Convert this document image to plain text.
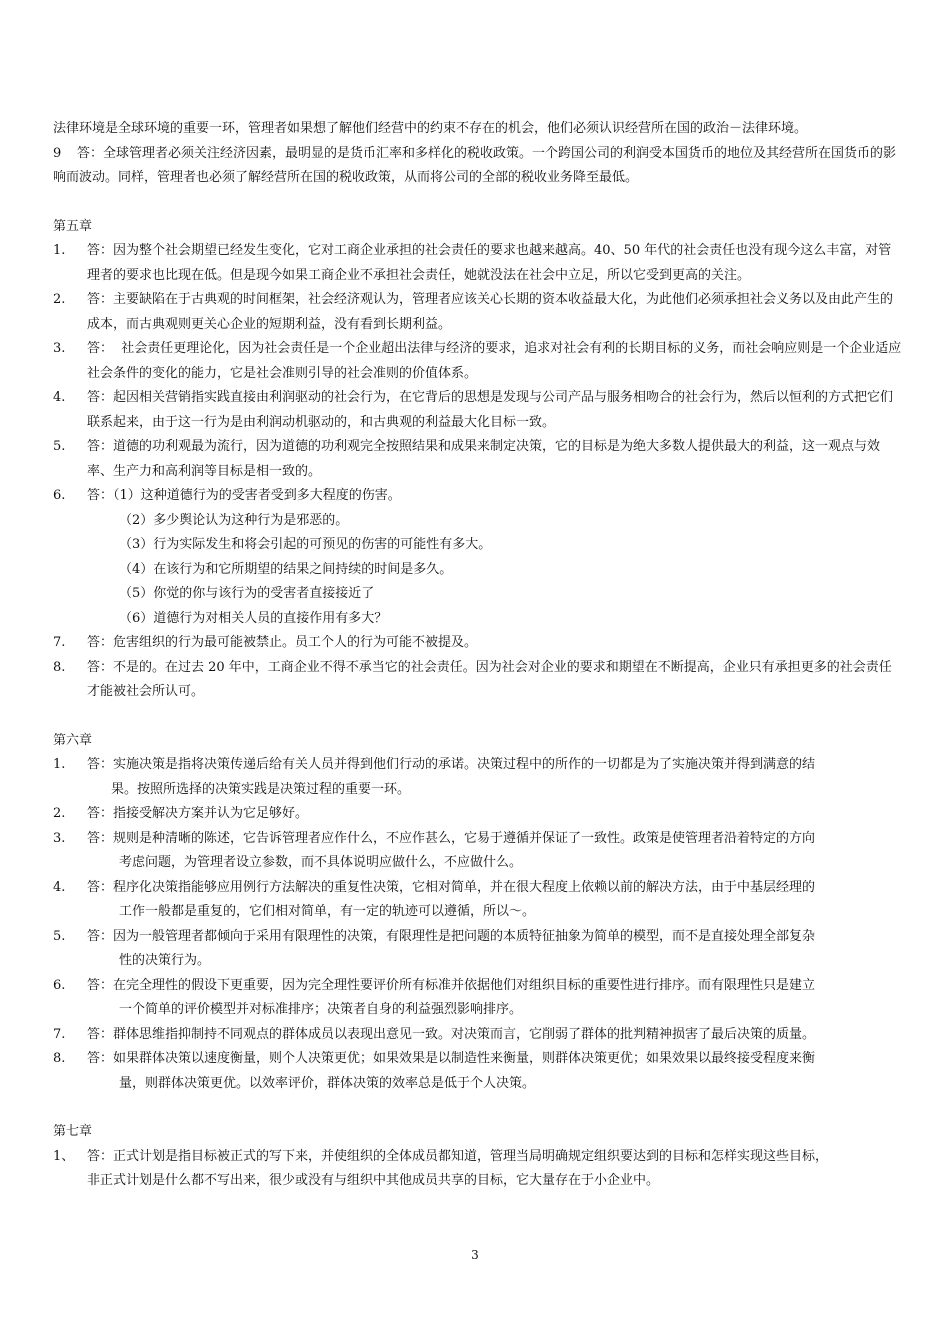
法律环境是全球环境的重要一环，管理者如果想了解他们经营中的约束不存在的机会，他们必须认识经营所在国的政治－法律环境。

9 答：全球管理者必须关注经济因素，最明显的是货币汇率和多样化的税收政策。一个跨国公司的利润受本国货币的地位及其经营所在国货币的影响而波动。同样，管理者也必须了解经营所在国的税收政策，从而将公司的全部的税收业务降至最低。

第五章

1.	答：因为整个社会期望已经发生变化，它对工商企业承担的社会责任的要求也越来越高。40、50 年代的社会责任也没有现今这么丰富，对管理者的要求也比现在低。但是现今如果工商企业不承担社会责任，她就没法在社会中立足，所以它受到更高的关注。
2.	答：主要缺陷在于古典观的时间框架，社会经济观认为，管理者应该关心长期的资本收益最大化，为此他们必须承担社会义务以及由此产生的成本，而古典观则更关心企业的短期利益，没有看到长期利益。
3.	答：  社会责任更理论化，因为社会责任是一个企业超出法律与经济的要求，追求对社会有利的长期目标的义务，而社会响应则是一个企业适应社会条件的变化的能力，它是社会准则引导的社会准则的价值体系。
4.	答：起因相关营销指实践直接由利润驱动的社会行为，在它背后的思想是发现与公司产品与服务相吻合的社会行为，然后以恒利的方式把它们联系起来，由于这一行为是由利润动机驱动的，和古典观的利益最大化目标一致。
5.	答：道德的功利观最为流行，因为道德的功利观完全按照结果和成果来制定决策，它的目标是为绝大多数人提供最大的利益，这一观点与效率、生产力和高利润等目标是相一致的。
6.	答：（1）这种道德行为的受害者受到多大程度的伤害。
（2）多少舆论认为这种行为是邪恶的。
（3）行为实际发生和将会引起的可预见的伤害的可能性有多大。
（4）在该行为和它所期望的结果之间持续的时间是多久。
（5）你觉的你与该行为的受害者直接接近了
（6）道德行为对相关人员的直接作用有多大？
7.	答：危害组织的行为最可能被禁止。员工个人的行为可能不被提及。
8.	答：不是的。在过去 20 年中，工商企业不得不承当它的社会责任。因为社会对企业的要求和期望在不断提高，企业只有承担更多的社会责任才能被社会所认可。

第六章

1.	答：实施决策是指将决策传递后给有关人员并得到他们行动的承诺。决策过程中的所作的一切都是为了实施决策并得到满意的结
果。按照所选择的决策实践是决策过程的重要一环。
2.	答：指接受解决方案并认为它足够好。
3.	答：规则是种清晰的陈述，它告诉管理者应作什么，不应作甚么，它易于遵循并保证了一致性。政策是使管理者沿着特定的方向
考虑问题，为管理者设立参数，而不具体说明应做什么，不应做什么。
4.	答：程序化决策指能够应用例行方法解决的重复性决策，它相对简单，并在很大程度上依赖以前的解决方法，由于中基层经理的
工作一般都是重复的，它们相对简单，有一定的轨迹可以遵循，所以～。
5.	答：因为一般管理者都倾向于采用有限理性的决策，有限理性是把问题的本质特征抽象为简单的模型，而不是直接处理全部复杂
性的决策行为。
6.	答：在完全理性的假设下更重要，因为完全理性要评价所有标准并依据他们对组织目标的重要性进行排序。而有限理性只是建立
一个简单的评价模型并对标准排序；决策者自身的利益强烈影响排序。
7.	答：群体思维指抑制持不同观点的群体成员以表现出意见一致。对决策而言，它削弱了群体的批判精神损害了最后决策的质量。
8.	答：如果群体决策以速度衡量，则个人决策更优；如果效果是以制造性来衡量，则群体决策更优；如果效果以最终接受程度来衡
量，则群体决策更优。以效率评价，群体决策的效率总是低于个人决策。

第七章

1、 答：正式计划是指目标被正式的写下来，并使组织的全体成员都知道，管理当局明确规定组织要达到的目标和怎样实现这些目标，
非正式计划是什么都不写出来，很少或没有与组织中其他成员共享的目标，它大量存在于小企业中。
3
